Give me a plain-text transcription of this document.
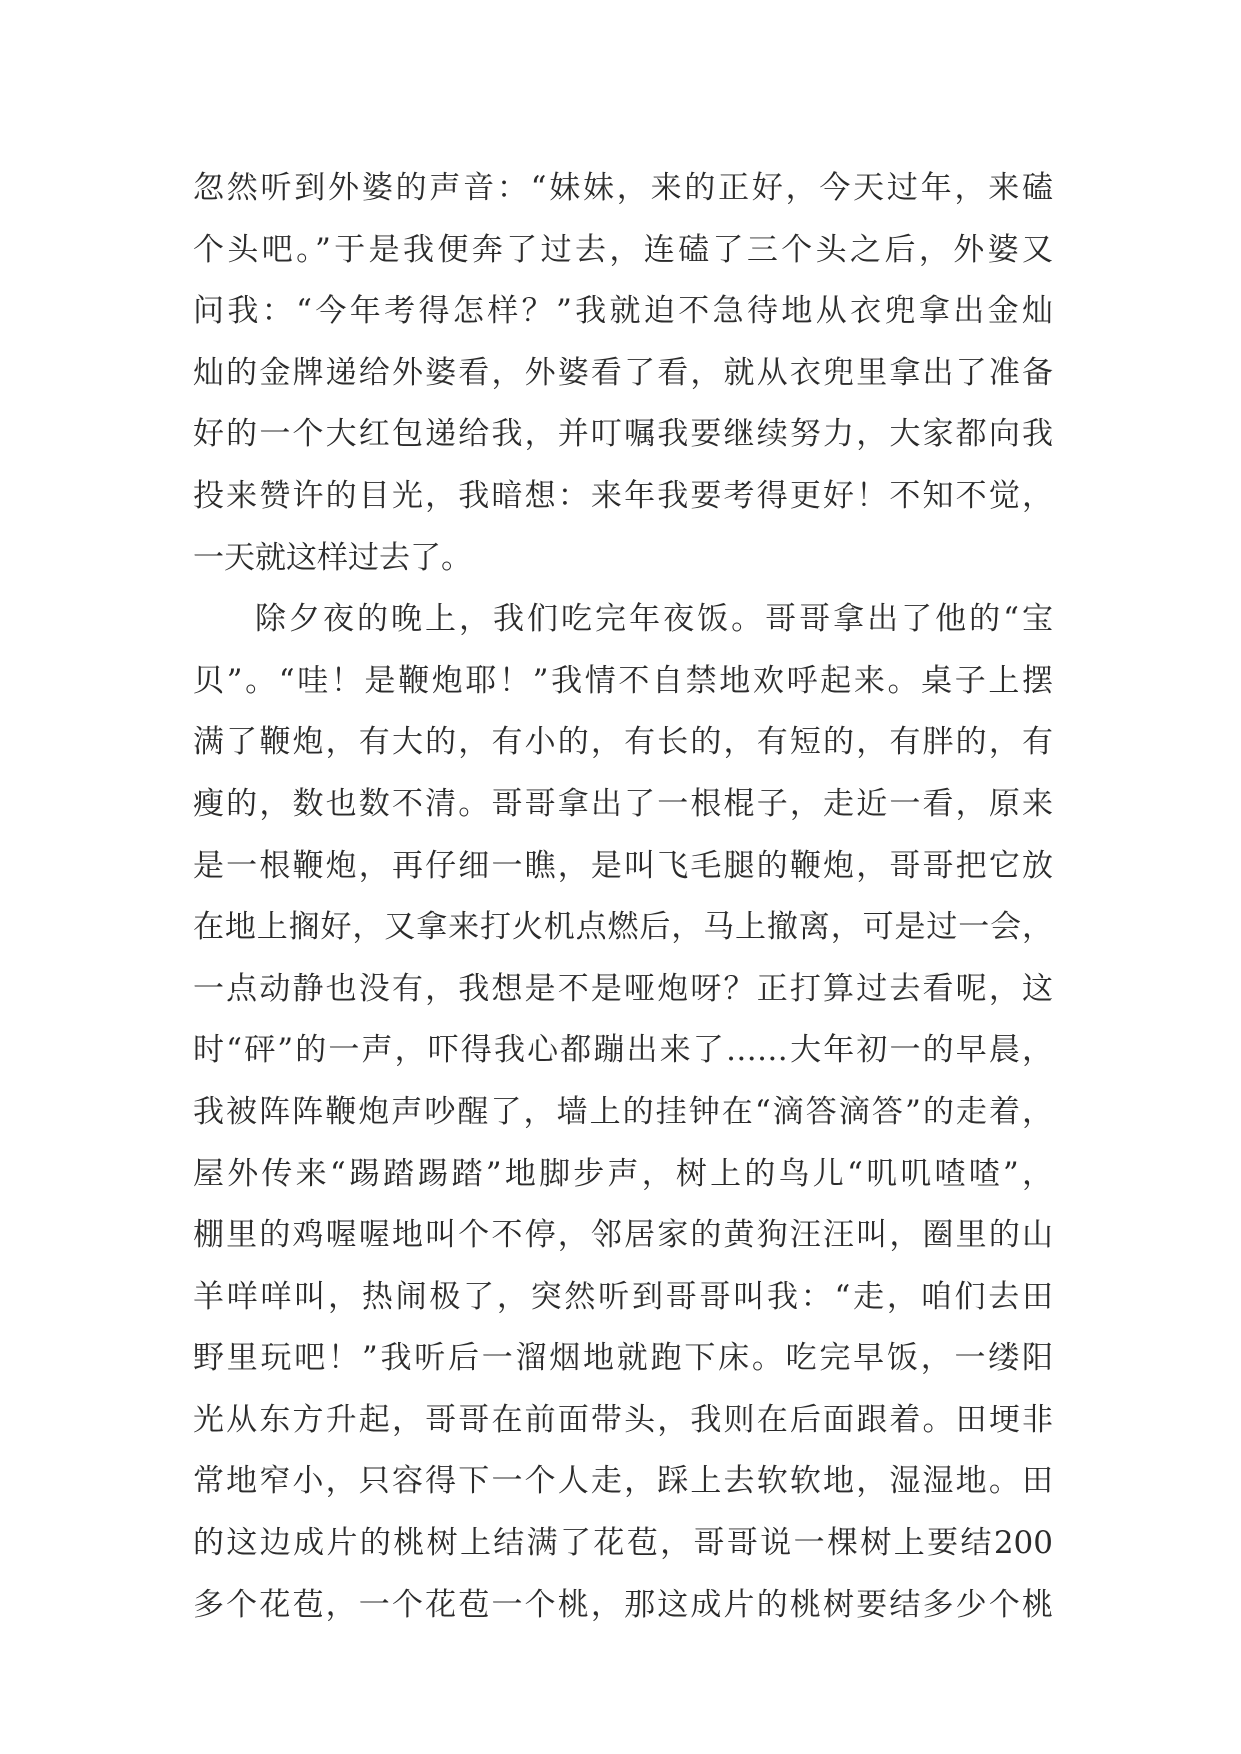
忽然听到外婆的声音：“妹妹，来的正好，今天过年，来磕
个头吧。”于是我便奔了过去，连磕了三个头之后，外婆又
问我：“今年考得怎样？”我就迫不急待地从衣兜拿出金灿
灿的金牌递给外婆看，外婆看了看，就从衣兜里拿出了准备
好的一个大红包递给我，并叮嘱我要继续努力，大家都向我
投来赞许的目光，我暗想：来年我要考得更好！不知不觉，
一天就这样过去了。
除夕夜的晚上，我们吃完年夜饭。哥哥拿出了他的“宝
贝”。“哇！是鞭炮耶！”我情不自禁地欢呼起来。桌子上摆
满了鞭炮，有大的，有小的，有长的，有短的，有胖的，有
瘦的，数也数不清。哥哥拿出了一根棍子，走近一看，原来
是一根鞭炮，再仔细一瞧，是叫飞毛腿的鞭炮，哥哥把它放
在地上搁好，又拿来打火机点燃后，马上撤离，可是过一会，
一点动静也没有，我想是不是哑炮呀？正打算过去看呢，这
时“砰”的一声，吓得我心都蹦出来了……大年初一的早晨，
我被阵阵鞭炮声吵醒了，墙上的挂钟在“滴答滴答”的走着，
屋外传来“踢踏踢踏”地脚步声，树上的鸟儿“叽叽喳喳”，
棚里的鸡喔喔地叫个不停，邻居家的黄狗汪汪叫，圈里的山
羊咩咩叫，热闹极了，突然听到哥哥叫我：“走，咱们去田
野里玩吧！”我听后一溜烟地就跑下床。吃完早饭，一缕阳
光从东方升起，哥哥在前面带头，我则在后面跟着。田埂非
常地窄小，只容得下一个人走，踩上去软软地，湿湿地。田
的这边成片的桃树上结满了花苞，哥哥说一棵树上要结200
多个花苞，一个花苞一个桃，那这成片的桃树要结多少个桃
